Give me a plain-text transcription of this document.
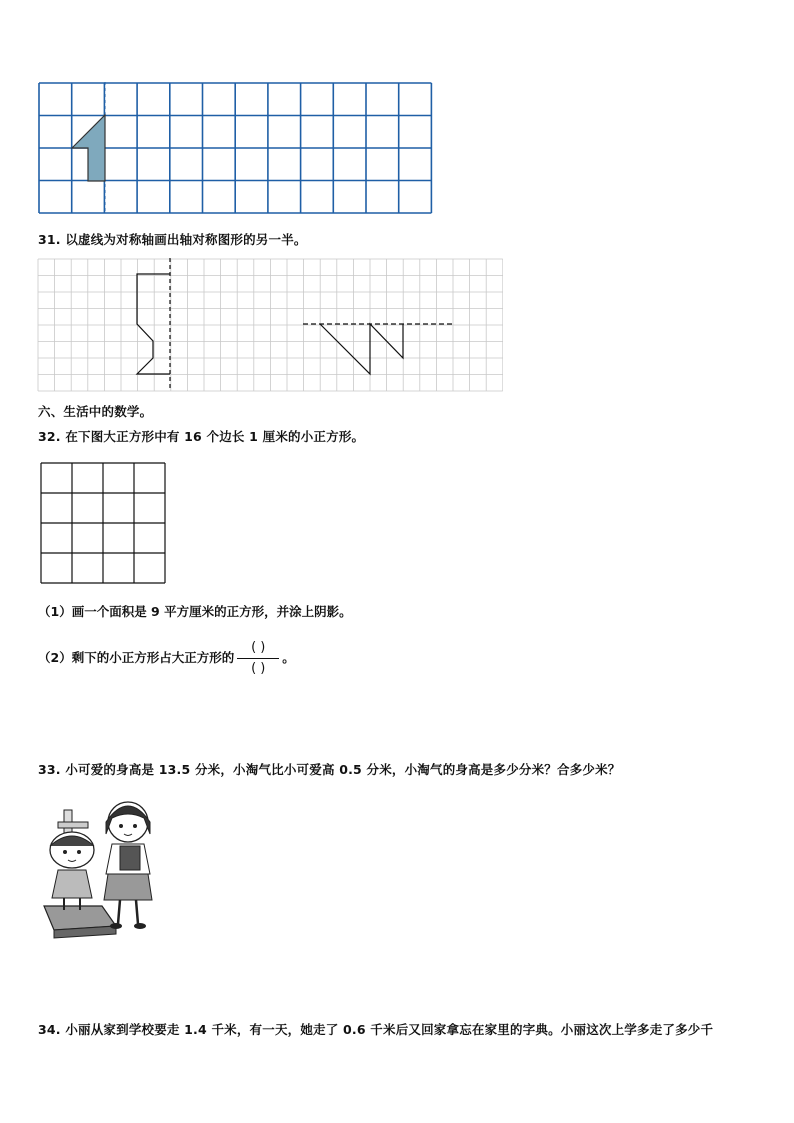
31. 以虚线为对称轴画出轴对称图形的另一半。
六、生活中的数学。
32. 在下图大正方形中有 16 个边长 1 厘米的小正方形。
（1）画一个面积是 9 平方厘米的正方形，并涂上阴影。
（2）剩下的小正方形占大正方形的 $\frac{( )}{( )}$ 。
33. 小可爱的身高是 13.5 分米，小淘气比小可爱高 0.5 分米，小淘气的身高是多少分米？合多少米？
34. 小丽从家到学校要走 1.4 千米，有一天，她走了 0.6 千米后又回家拿忘在家里的字典。小丽这次上学多走了多少千
